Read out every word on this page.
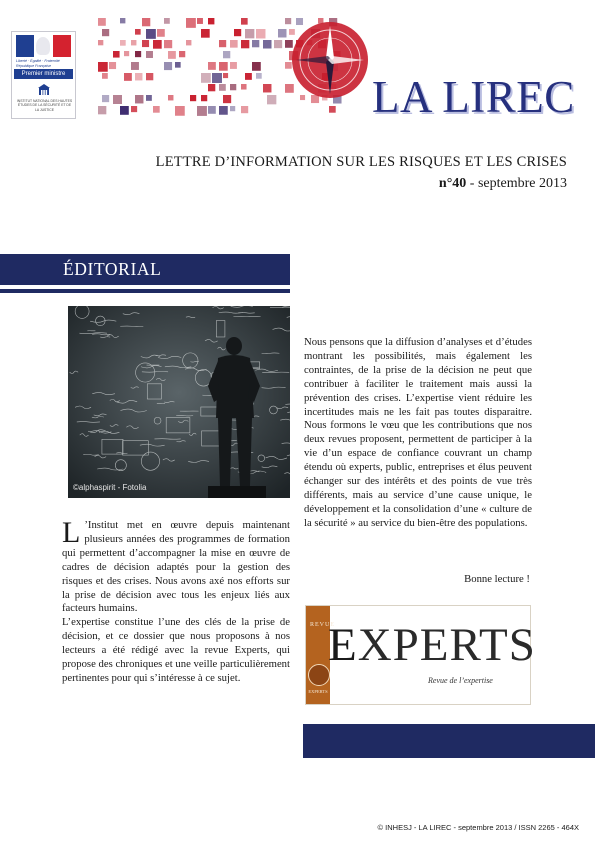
Liberté · Égalité · Fraternité
République Française
Premier ministre
INSTITUT NATIONAL DES HAUTES ÉTUDES DE LA SÉCURITÉ ET DE LA JUSTICE	LA LIREC
LETTRE D’INFORMATION SUR LES RISQUES ET LES CRISES
n°40 - septembre 2013
ÉDITORIAL
©alphaspirit - Fotolia

L ’Institut met en œuvre depuis maintenant plusieurs années des programmes de formation qui permettent d’accompagner la mise en œuvre de cadres de décision adaptés pour la gestion des risques et des crises. Nous avons axé nos efforts sur la prise de décision avec tous les enjeux liés aux facteurs humains.

L’expertise constitue l’une des clés de la prise de décision, et ce dossier que nous proposons à nos lecteurs a été rédigé avec la revue Experts, qui propose des chroniques et une veille particulièrement pertinentes pour qui s’intéresse à ce sujet.

Nous pensons que la diffusion d’analyses et d’études montrant les possibilités, mais également les contraintes, de la prise de la décision ne peut que contribuer à faciliter le traitement mais aussi la prévention des crises. L’expertise vient réduire les incertitudes mais ne les fait pas toutes disparaitre. Nous formons le vœu que les contributions que nos deux revues proposent, permettent de participer à la vie d’un espace de confiance couvrant un champ étendu où experts, public, entreprises et élus peuvent échanger sur des intérêts et des points de vue très différents, mais au service d’une cause unique, le développement et la consolidation d’une « culture de la sécurité » au service du bien-être des populations.

Bonne lecture !
REVUE
EXPERTS
EXPERTS
Revue de l’expertise
© INHESJ - LA LIREC - septembre 2013 / ISSN 2265 - 464X
